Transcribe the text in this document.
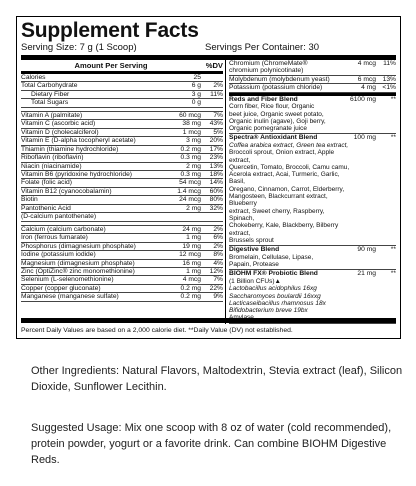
Supplement Facts
Serving Size: 7 g (1 Scoop)	Servings Per Container: 30
Amount Per Serving	%DV
Calories	25
Total Carbohydrate	6 g	2%
Dietary Fiber	3 g	11%
Total Sugars	0 g
Vitamin A (palmitate)	60 mcg	7%
Vitamin C (ascorbic acid)	38 mg	43%
Vitamin D (cholecalciferol)	1 mcg	5%
Vitamin E (D-alpha tocopheryl acetate)	3 mg	20%
Thiamin (thiamine hydrochloride)	0.2 mg	17%
Riboflavin (riboflavin)	0.3 mg	23%
Niacin (niacinamide)	2 mg	13%
Vitamin B6 (pyridoxine hydrochloride)	0.3 mg	18%
Folate (folic acid)	54 mcg	14%
Vitamin B12 (cyanocobalamin)	1.4 mcg	60%
Biotin	24 mcg	80%
Pantothenic Acid	2 mg	32%
(D-calcium pantothenate)
Calcium (calcium carbonate)	24 mg	2%
Iron (ferrous fumarate)	1 mg	6%
Phosphorus (dimagnesium phosphate)	19 mg	2%
Iodine (potassium iodide)	12 mcg	8%
Magnesium (dimagnesium phosphate)	16 mg	4%
Zinc (OptiZinc® zinc monomethionine)	1 mg	12%
Selenium (L-selenomethionine)	4 mcg	7%
Copper (copper gluconate)	0.2 mg	22%
Manganese (manganese sulfate)	0.2 mg	9%
Chromium (ChromeMate®	4 mcg	11%
chromium polynicotinate)
Molybdenum (molybdenum yeast)	6 mcg 13%
Potassium (potassium chloride)	4 mg <1%
Reds and Fiber Blend	6100 mg	**
Corn fiber, Rice flour, Organic
beet juice, Organic sweet potato,
Organic inulin (agave), Goji berry,
Organic pomegranate juice
Spectra® Antioxidant Blend	100 mg	**
Coffea arabica extract, Green tea extract,
Broccoli sprout, Onion extract, Apple extract,
Quercetin, Tomato, Broccoli, Camu camu,
Acerola extract, Acai, Turmeric, Garlic, Basil,
Oregano, Cinnamon, Carrot, Elderberry,
Mangosteen, Blackcurrant extract, Blueberry
extract, Sweet cherry, Raspberry, Spinach,
Chokeberry, Kale, Blackberry, Bilberry extract,
Brussels sprout
Digestive Blend	90 mg	**
Bromelain, Cellulase, Lipase,
Papain, Protease
BIOHM FX® Probiotic Blend	21 mg	**
(1 Billion CFUs)▲
Lactobacillus acidophilus 16xg
Saccharomyces boulardii 16xxg
Lacticaseibacillus rhamnosus 18x
Bifidobacterium breve 19bx
Amylase
Percent Daily Values are based on a 2,000 calorie diet. **Daily Value (DV) not established.
Other Ingredients: Natural Flavors, Maltodextrin, Stevia extract (leaf), Silicon Dioxide, Sunflower Lecithin.
Suggested Usage: Mix one scoop with 8 oz of water (cold recommended), protein powder, yogurt or a favorite drink. Can combine BIOHM Digestive Reds.
